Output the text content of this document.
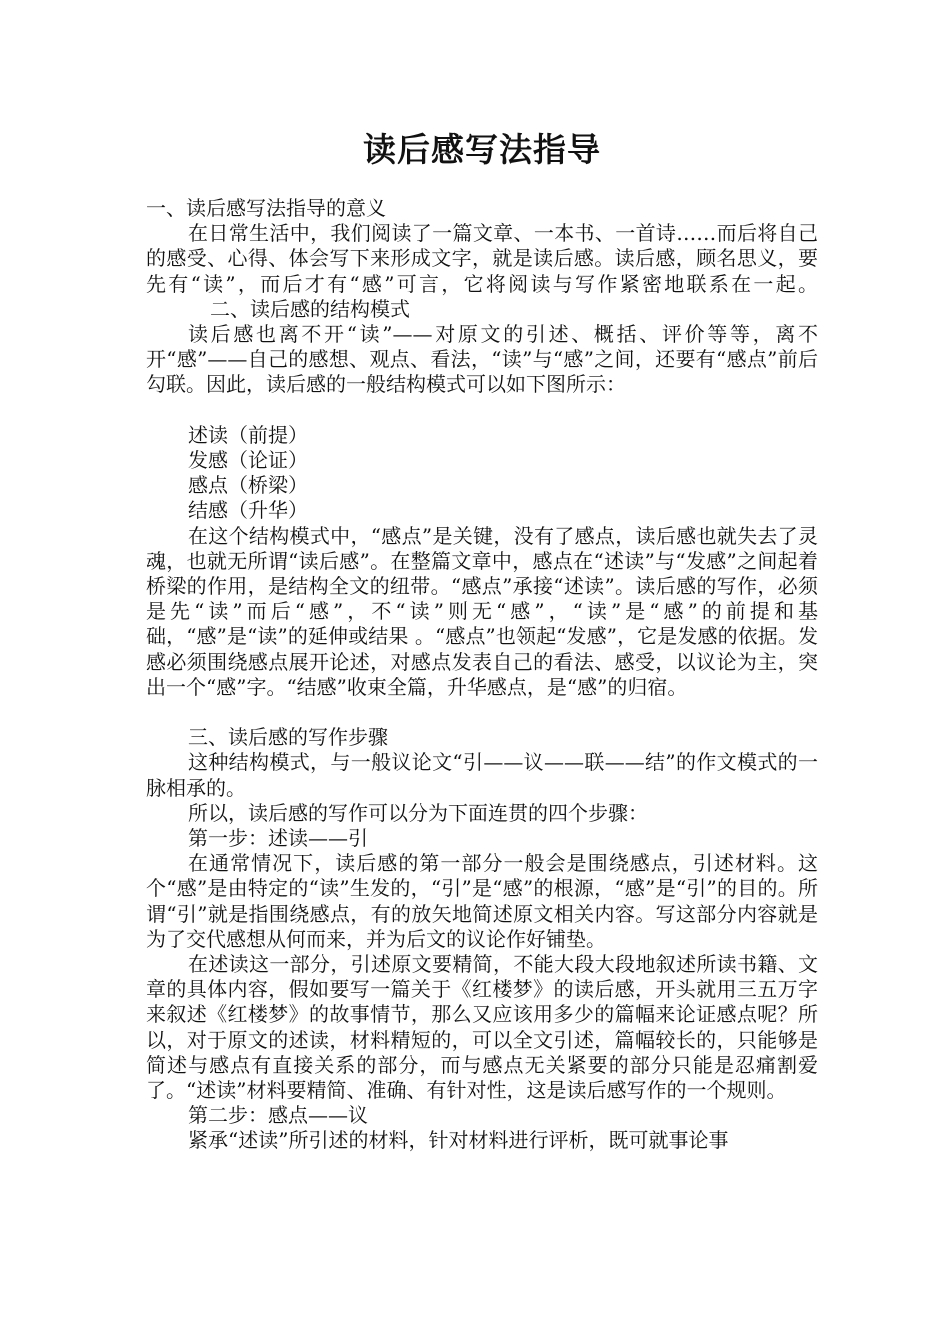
读后感写法指导

一、读后感写法指导的意义

在日常生活中，我们阅读了一篇文章、一本书、一首诗……而后将自己的感受、心得、体会写下来形成文字，就是读后感。读后感，顾名思义，要先有“读”，而后才有“感”可言，它将阅读与写作紧密地联系在一起。二、读后感的结构模式

读后感也离不开“读”——对原文的引述、概括、评价等等，离不开“感”——自己的感想、观点、看法，“读”与“感”之间，还要有“感点”前后勾联。因此，读后感的一般结构模式可以如下图所示：

述读（前提）

发感（论证）

感点（桥梁）

结感（升华）

在这个结构模式中，“感点”是关键，没有了感点，读后感也就失去了灵魂，也就无所谓“读后感”。在整篇文章中，感点在“述读”与“发感”之间起着桥梁的作用，是结构全文的纽带。“感点”承接“述读”。读后感的写作，必须是先“读”而后“感”，不“读”则无“感”，“读”是“感”的前提和基础，“感”是“读”的延伸或结果 。“感点”也领起“发感”，它是发感的依据。发感必须围绕感点展开论述，对感点发表自己的看法、感受，以议论为主，突出一个“感”字。“结感”收束全篇，升华感点，是“感”的归宿。

三、读后感的写作步骤

这种结构模式，与一般议论文“引——议——联——结”的作文模式的一脉相承的。

所以，读后感的写作可以分为下面连贯的四个步骤：

第一步：述读——引

在通常情况下，读后感的第一部分一般会是围绕感点，引述材料。这个“感”是由特定的“读”生发的，“引”是“感”的根源，“感”是“引”的目的。所谓“引”就是指围绕感点，有的放矢地简述原文相关内容。写这部分内容就是为了交代感想从何而来，并为后文的议论作好铺垫。

在述读这一部分，引述原文要精简，不能大段大段地叙述所读书籍、文章的具体内容，假如要写一篇关于《红楼梦》的读后感，开头就用三五万字来叙述《红楼梦》的故事情节，那么又应该用多少的篇幅来论证感点呢？所以，对于原文的述读，材料精短的，可以全文引述，篇幅较长的，只能够是简述与感点有直接关系的部分，而与感点无关紧要的部分只能是忍痛割爱了。“述读”材料要精简、准确、有针对性，这是读后感写作的一个规则。

第二步：感点——议

紧承“述读”所引述的材料，针对材料进行评析，既可就事论事
